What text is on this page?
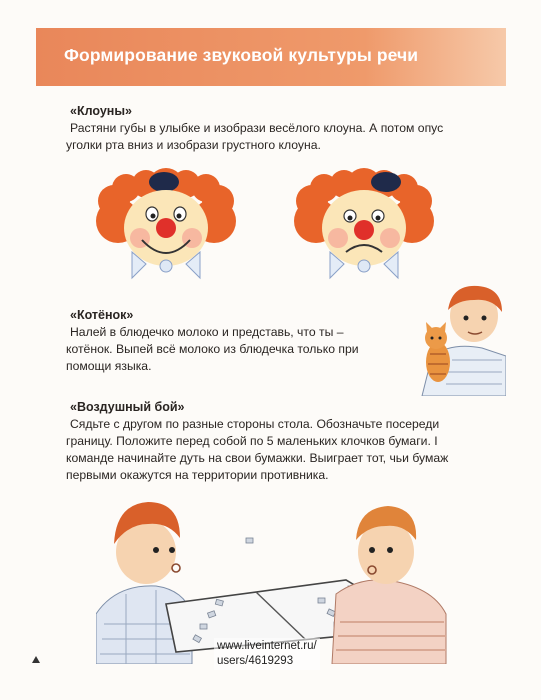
Формирование звуковой культуры речи
«Клоуны»
Растяни губы в улыбке и изобрази весёлого клоуна. А потом опус
уголки рта вниз и изобрази грустного клоуна.
«Котёнок»
Налей в блюдечко молоко и представь, что ты –
котёнок. Выпей всё молоко из блюдечка только при
помощи языка.
«Воздушный бой»
Сядьте с другом по разные стороны стола. Обозначьте посереди
границу. Положите перед собой по 5 маленьких клочков бумаги. І
команде начинайте дуть на свои бумажки. Выиграет тот, чьи бумаж
первыми окажутся на территории противника.
www.liveinternet.ru/
users/4619293
